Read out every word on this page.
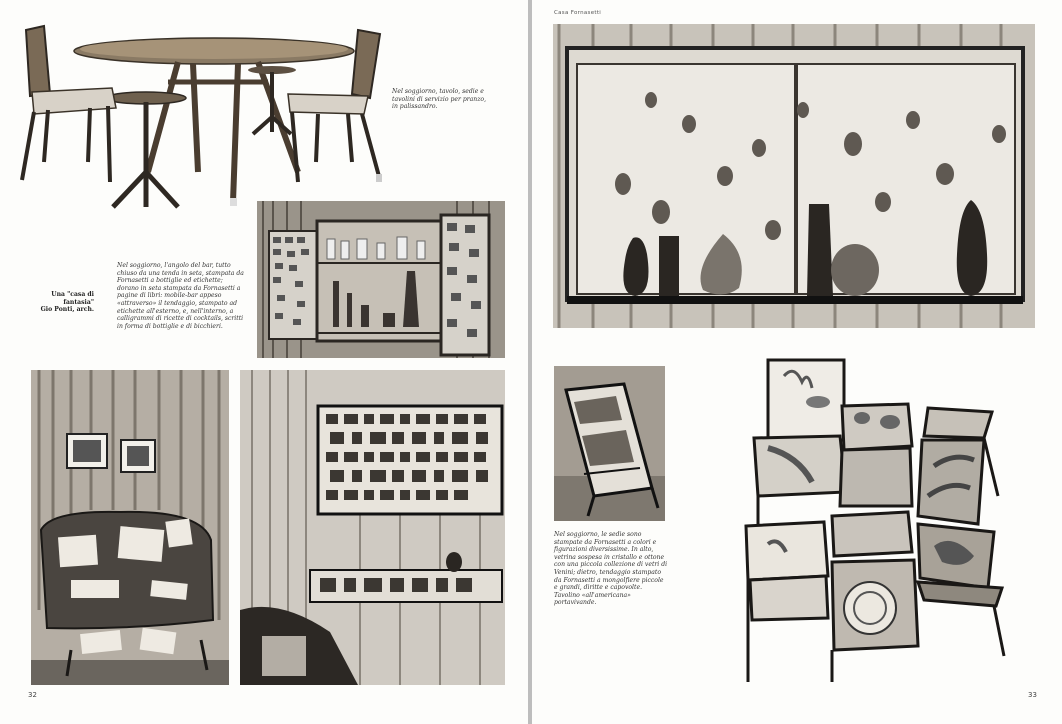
Nel soggiorno, tavolo, sedie e tavolini di servizio per pranzo, in palissandro.
Una "casa di fantasia"
Gio Ponti, arch.
Nel soggiorno, l'angolo del bar, tutto chiuso da una tenda in seta, stampata da Fornasetti a bottiglie ed etichette; dorano in seta stampata da Fornasetti a pagine di libri: mobile-bar appeso «attraverso» il tendaggio, stampato ad etichette all'esterno, e, nell'interno, a calligrammi di ricette di cocktails, scritti in forma di bottiglie e di bicchieri.
32
Casa Fornasetti
Nel soggiorno, le sedie sono stampate da Fornasetti a colori e figurazioni diversissime. In alto, vetrina sospesa in cristallo e ottone con una piccola collezione di vetri di Venini; dietro, tendaggio stampato da Fornasetti a mongolfiere piccole e grandi, diritte e capovolte. Tavolino «all'americana» portavivande.
33
